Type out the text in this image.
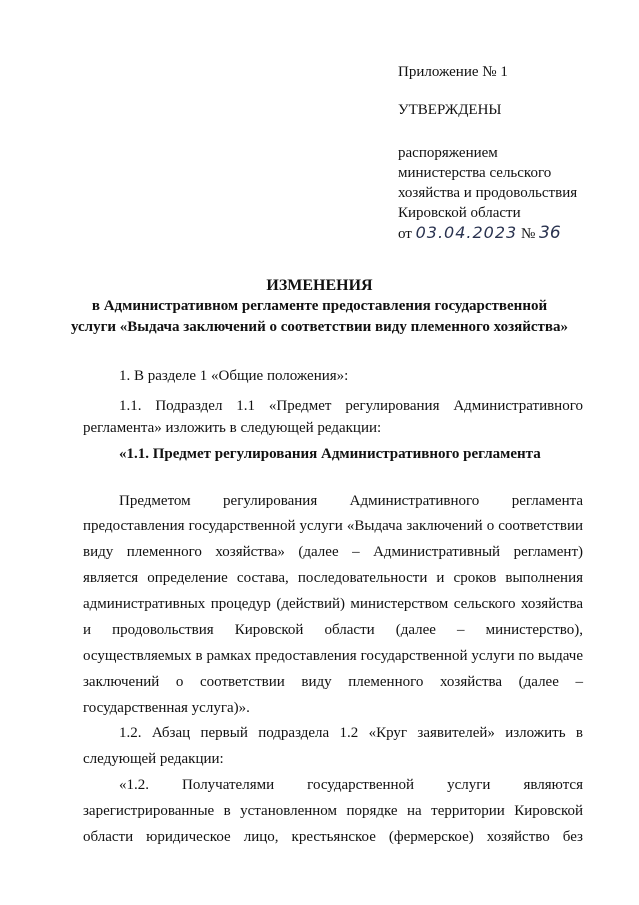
Приложение № 1
УТВЕРЖДЕНЫ
распоряжением
министерства сельского
хозяйства и продовольствия
Кировской области
от 03.04.2023 № 36
ИЗМЕНЕНИЯ
в Административном регламенте предоставления государственной
услуги «Выдача заключений о соответствии виду племенного хозяйства»
1. В разделе 1 «Общие положения»:
1.1. Подраздел 1.1 «Предмет регулирования Административного
регламента» изложить в следующей редакции:
«1.1. Предмет регулирования Административного регламента
Предметом регулирования Административного регламента
предоставления государственной услуги «Выдача заключений о соответствии
виду племенного хозяйства» (далее – Административный регламент)
является определение состава, последовательности и сроков выполнения
административных процедур (действий) министерством сельского хозяйства
и продовольствия Кировской области (далее – министерство),
осуществляемых в рамках предоставления государственной услуги по выдаче
заключений о соответствии виду племенного хозяйства (далее –
государственная услуга)».
1.2. Абзац первый подраздела 1.2 «Круг заявителей» изложить в
следующей редакции:
«1.2. Получателями государственной услуги являются
зарегистрированные в установленном порядке на территории Кировской
области юридическое лицо, крестьянское (фермерское) хозяйство без
